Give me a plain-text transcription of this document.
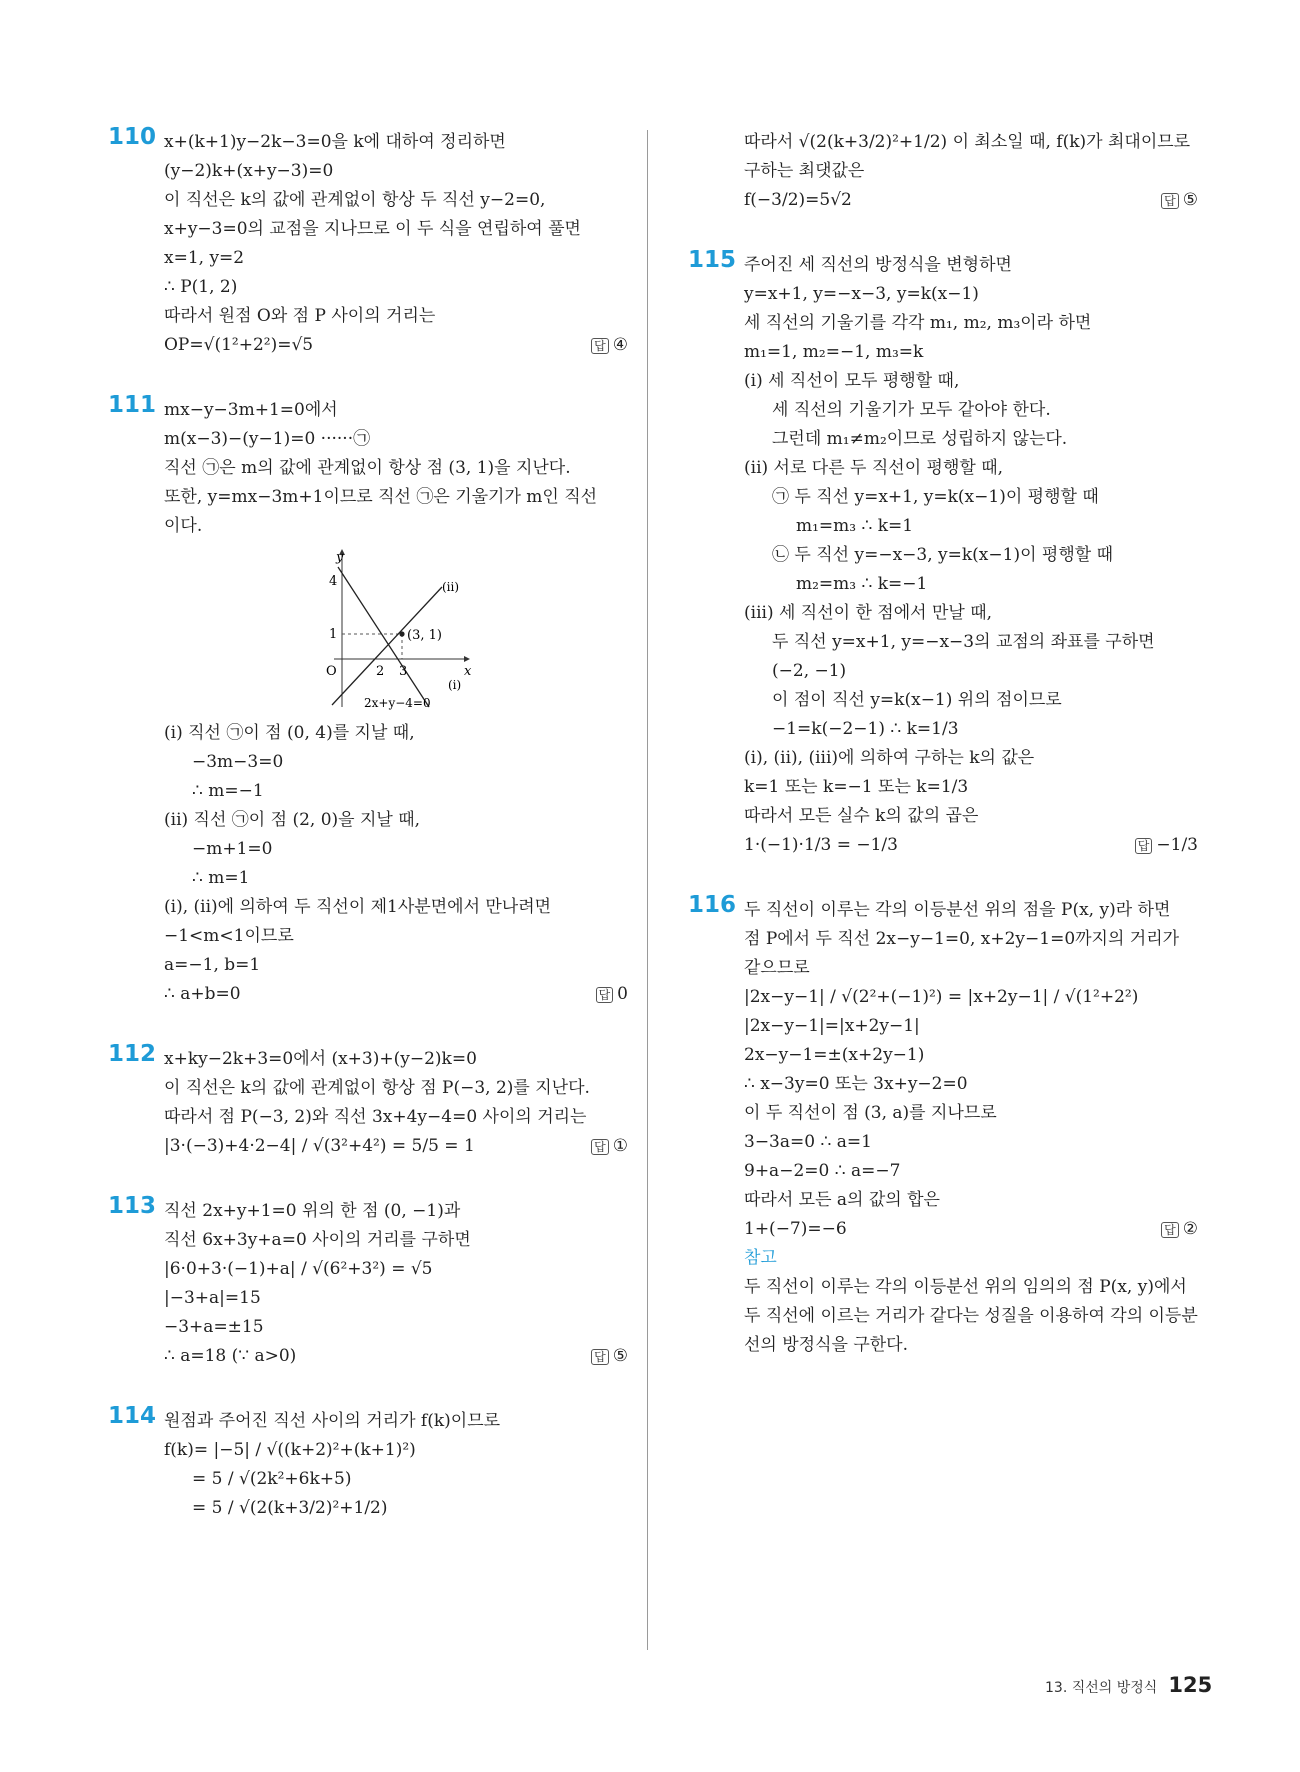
110 x+(k+1)y−2k−3=0을 k에 대하여 정리하면
(y−2)k+(x+y−3)=0
이 직선은 k의 값에 관계없이 항상 두 직선 y−2=0,
x+y−3=0의 교점을 지나므로 이 두 식을 연립하여 풀면
x=1, y=2
∴ P(1, 2)
따라서 원점 O와 점 P 사이의 거리는
OP=√(1²+2²)=√5	답 ④
111 mx−y−3m+1=0에서
m(x−3)−(y−1)=0 ······㉠
직선 ㉠은 m의 값에 관계없이 항상 점 (3, 1)을 지난다.
또한, y=mx−3m+1이므로 직선 ㉠은 기울기가 m인 직선
이다.
y
x
O
4
1
2 3
(3, 1)
(ii)
(i)
2x+y−4=0
(i) 직선 ㉠이 점 (0, 4)를 지날 때,
−3m−3=0
∴ m=−1
(ii) 직선 ㉠이 점 (2, 0)을 지날 때,
−m+1=0
∴ m=1
(i), (ii)에 의하여 두 직선이 제1사분면에서 만나려면
−1<m<1이므로
a=−1, b=1
∴ a+b=0	답 0
112 x+ky−2k+3=0에서 (x+3)+(y−2)k=0
이 직선은 k의 값에 관계없이 항상 점 P(−3, 2)를 지난다.
따라서 점 P(−3, 2)와 직선 3x+4y−4=0 사이의 거리는
|3·(−3)+4·2−4| / √(3²+4²) = 5/5 = 1	답 ①
113 직선 2x+y+1=0 위의 한 점 (0, −1)과
직선 6x+3y+a=0 사이의 거리를 구하면
|6·0+3·(−1)+a| / √(6²+3²) = √5
|−3+a|=15
−3+a=±15
∴ a=18 (∵ a>0)	답 ⑤
114 원점과 주어진 직선 사이의 거리가 f(k)이므로
f(k)= |−5| / √((k+2)²+(k+1)²)
= 5 / √(2k²+6k+5)
= 5 / √(2(k+3/2)²+1/2)
따라서 √(2(k+3/2)²+1/2) 이 최소일 때, f(k)가 최대이므로
구하는 최댓값은
f(−3/2)=5√2	답 ⑤
115 주어진 세 직선의 방정식을 변형하면
y=x+1, y=−x−3, y=k(x−1)
세 직선의 기울기를 각각 m₁, m₂, m₃이라 하면
m₁=1, m₂=−1, m₃=k
(i) 세 직선이 모두 평행할 때,
세 직선의 기울기가 모두 같아야 한다.
그런데 m₁≠m₂이므로 성립하지 않는다.
(ii) 서로 다른 두 직선이 평행할 때,
㉠ 두 직선 y=x+1, y=k(x−1)이 평행할 때
m₁=m₃ ∴ k=1
㉡ 두 직선 y=−x−3, y=k(x−1)이 평행할 때
m₂=m₃ ∴ k=−1
(iii) 세 직선이 한 점에서 만날 때,
두 직선 y=x+1, y=−x−3의 교점의 좌표를 구하면
(−2, −1)
이 점이 직선 y=k(x−1) 위의 점이므로
−1=k(−2−1) ∴ k=1/3
(i), (ii), (iii)에 의하여 구하는 k의 값은
k=1 또는 k=−1 또는 k=1/3
따라서 모든 실수 k의 값의 곱은
1·(−1)·1/3 = −1/3	답 −1/3
116 두 직선이 이루는 각의 이등분선 위의 점을 P(x, y)라 하면
점 P에서 두 직선 2x−y−1=0, x+2y−1=0까지의 거리가
같으므로
|2x−y−1| / √(2²+(−1)²) = |x+2y−1| / √(1²+2²)
|2x−y−1|=|x+2y−1|
2x−y−1=±(x+2y−1)
∴ x−3y=0 또는 3x+y−2=0
이 두 직선이 점 (3, a)를 지나므로
3−3a=0 ∴ a=1
9+a−2=0 ∴ a=−7
따라서 모든 a의 값의 합은
1+(−7)=−6	답 ②
참고
두 직선이 이루는 각의 이등분선 위의 임의의 점 P(x, y)에서
두 직선에 이르는 거리가 같다는 성질을 이용하여 각의 이등분
선의 방정식을 구한다.
13. 직선의 방정식 125
